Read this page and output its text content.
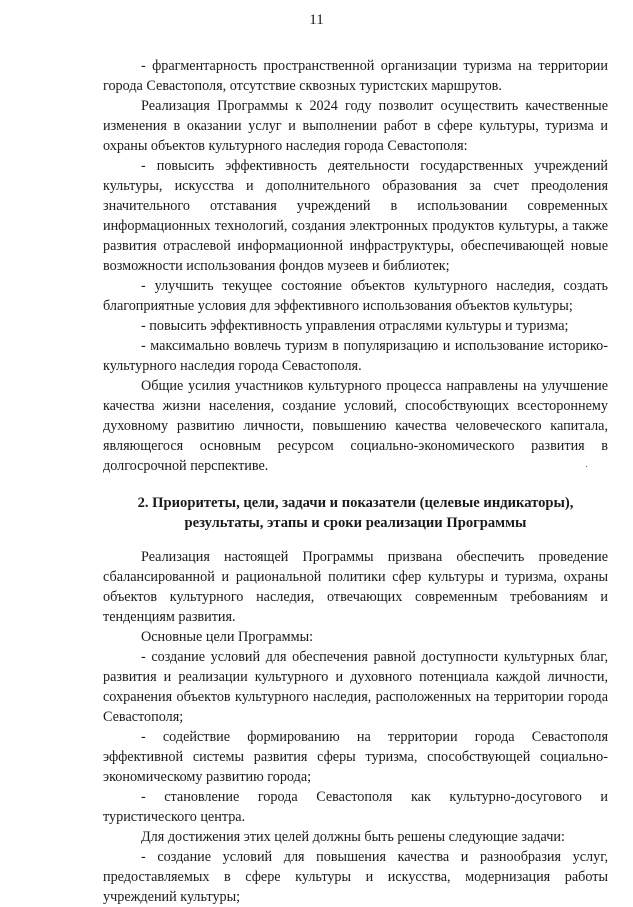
11

- фрагментарность пространственной организации туризма на территории города Севастополя, отсутствие сквозных туристских маршрутов.

Реализация Программы к 2024 году позволит осуществить качественные изменения в оказании услуг и выполнении работ в сфере культуры, туризма и охраны объектов культурного наследия города Севастополя:

- повысить эффективность деятельности государственных учреждений культуры, искусства и дополнительного образования за счет преодоления значительного отставания учреждений в использовании современных информационных технологий, создания электронных продуктов культуры, а также развития отраслевой информационной инфраструктуры, обеспечивающей новые возможности использования фондов музеев и библиотек;

- улучшить текущее состояние объектов культурного наследия, создать благоприятные условия для эффективного использования объектов культуры;

- повысить эффективность управления отраслями культуры и туризма;

- максимально вовлечь туризм в популяризацию и использование историко-культурного наследия города Севастополя.

Общие усилия участников культурного процесса направлены на улучшение качества жизни населения, создание условий, способствующих всестороннему духовному развитию личности, повышению качества человеческого капитала, являющегося основным ресурсом социально-экономического развития в долгосрочной перспективе.

2. Приоритеты, цели, задачи и показатели (целевые индикаторы), результаты, этапы и сроки реализации Программы

Реализация настоящей Программы призвана обеспечить проведение сбалансированной и рациональной политики сфер культуры и туризма, охраны объектов культурного наследия, отвечающих современным требованиям и тенденциям развития.

Основные цели Программы:

- создание условий для обеспечения равной доступности культурных благ, развития и реализации культурного и духовного потенциала каждой личности, сохранения объектов культурного наследия, расположенных на территории города Севастополя;

- содействие формированию на территории города Севастополя эффективной системы развития сферы туризма, способствующей социально-экономическому развитию города;

- становление города Севастополя как культурно-досугового и туристического центра.

Для достижения этих целей должны быть решены следующие задачи:

- создание условий для повышения качества и разнообразия услуг, предоставляемых в сфере культуры и искусства, модернизация работы учреждений культуры;

·
